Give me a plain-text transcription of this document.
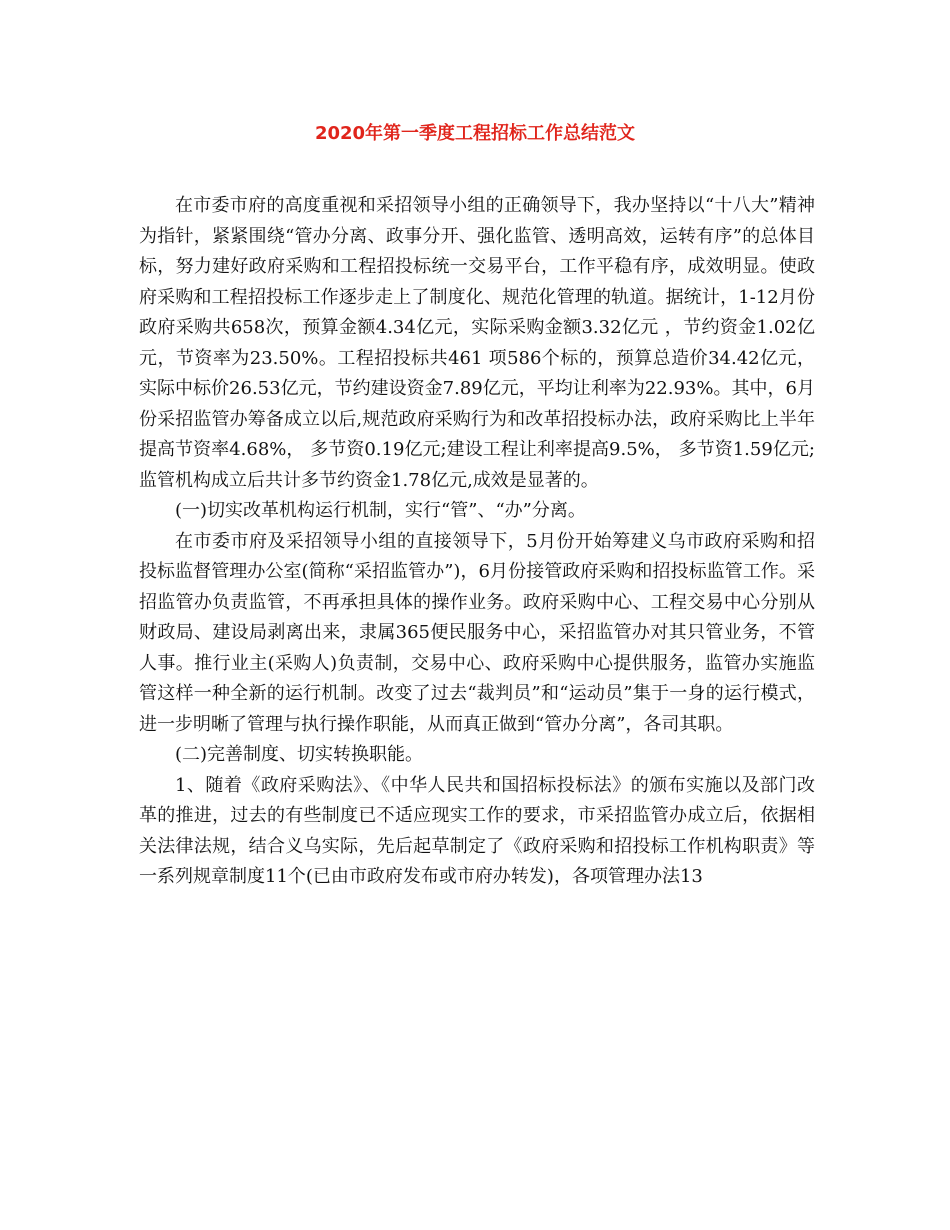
2020年第一季度工程招标工作总结范文

在市委市府的高度重视和采招领导小组的正确领导下，我办坚持以“十八大”精神为指针，紧紧围绕“管办分离、政事分开、强化监管、透明高效，运转有序”的总体目标，努力建好政府采购和工程招投标统一交易平台，工作平稳有序，成效明显。使政府采购和工程招投标工作逐步走上了制度化、规范化管理的轨道。据统计，1-12月份政府采购共658次，预算金额4.34亿元，实际采购金额3.32亿元 ，节约资金1.02亿元，节资率为23.50%。工程招投标共461 项586个标的，预算总造价34.42亿元，实际中标价26.53亿元，节约建设资金7.89亿元，平均让利率为22.93%。其中，6月份采招监管办筹备成立以后,规范政府采购行为和改革招投标办法，政府采购比上半年提高节资率4.68%， 多节资0.19亿元;建设工程让利率提高9.5%， 多节资1.59亿元;监管机构成立后共计多节约资金1.78亿元,成效是显著的。

(一)切实改革机构运行机制，实行“管”、“办”分离。

在市委市府及采招领导小组的直接领导下，5月份开始筹建义乌市政府采购和招投标监督管理办公室(简称“采招监管办”)，6月份接管政府采购和招投标监管工作。采招监管办负责监管，不再承担具体的操作业务。政府采购中心、工程交易中心分别从财政局、建设局剥离出来，隶属365便民服务中心，采招监管办对其只管业务，不管人事。推行业主(采购人)负责制，交易中心、政府采购中心提供服务，监管办实施监管这样一种全新的运行机制。改变了过去“裁判员”和“运动员”集于一身的运行模式，进一步明晰了管理与执行操作职能，从而真正做到“管办分离”，各司其职。

(二)完善制度、切实转换职能。

1、随着《政府采购法》、《中华人民共和国招标投标法》的颁布实施以及部门改革的推进，过去的有些制度已不适应现实工作的要求，市采招监管办成立后，依据相关法律法规，结合义乌实际，先后起草制定了《政府采购和招投标工作机构职责》等一系列规章制度11个(已由市政府发布或市府办转发)，各项管理办法13
